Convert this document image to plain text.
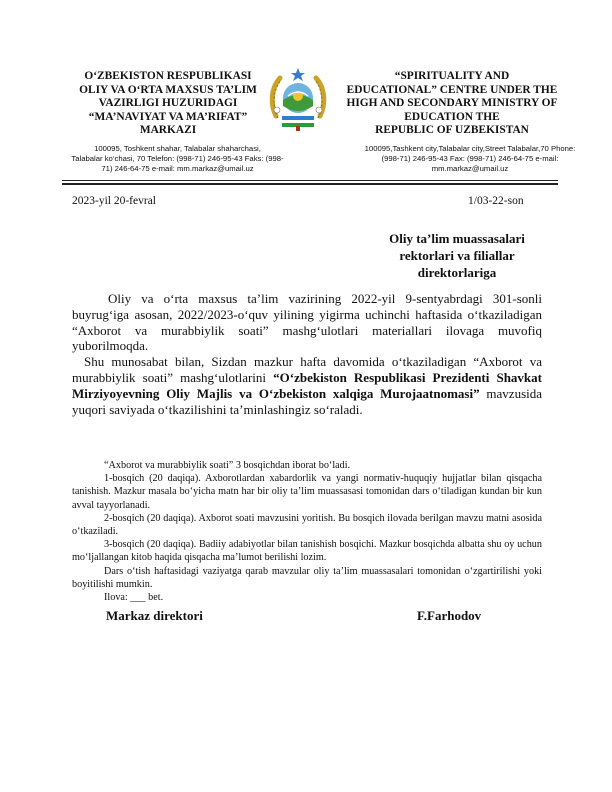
O‘ZBEKISTON RESPUBLIKASI
OLIY VA O‘RTA MAXSUS TA’LIM
VAZIRLIGI HUZURIDAGI
“MA’NAVIYAT VA MA’RIFAT”
MARKAZI
“SPIRITUALITY AND
EDUCATIONAL” CENTRE UNDER THE
HIGH AND SECONDARY MINISTRY OF
EDUCATION THE
REPUBLIC OF UZBEKISTAN
100095, Toshkent shahar, Talabalar shaharchasi,
Talabalar ko‘chasi, 70 Telefon: (998-71) 246-95-43 Faks: (998-
71) 246-64-75 e-mail: mm.markaz@umail.uz
100095,Tashkent city,Talabalar city,Street Talabalar,70 Phone:
(998-71) 246-95-43 Fax: (998-71) 246-64-75 e-mail:
mm.markaz@umail.uz
2023-yil 20-fevral	1/03-22-son
Oliy ta’lim muassasalari
rektorlari va filiallar
direktorlariga

Oliy va o‘rta maxsus ta’lim vazirining 2022-yil 9-sentyabrdagi 301-sonli buyrug‘iga asosan, 2022/2023-o‘quv yilining yigirma uchinchi haftasida o‘tkaziladigan “Axborot va murabbiylik soati” mashg‘ulotlari materiallari ilovaga muvofiq yuborilmoqda.

Shu munosabat bilan, Sizdan mazkur hafta davomida o‘tkaziladigan “Axborot va murabbiylik soati” mashg‘ulotlarini “O‘zbekiston Respublikasi Prezidenti Shavkat Mirziyoyevning Oliy Majlis va O‘zbekiston xalqiga Murojaatnomasi” mavzusida yuqori saviyada o‘tkazilishini ta’minlashingiz so‘raladi.

“Axborot va murabbiylik soati” 3 bosqichdan iborat bo‘ladi.

1-bosqich (20 daqiqa). Axborotlardan xabardorlik va yangi normativ-huquqiy hujjatlar bilan qisqacha tanishish. Mazkur masala bo‘yicha matn har bir oliy ta’lim muassasasi tomonidan dars o‘tiladigan kundan bir kun avval tayyorlanadi.

2-bosqich (20 daqiqa). Axborot soati mavzusini yoritish. Bu bosqich ilovada berilgan mavzu matni asosida o‘tkaziladi.

3-bosqich (20 daqiqa). Badiiy adabiyotlar bilan tanishish bosqichi. Mazkur bosqichda albatta shu oy uchun mo‘ljallangan kitob haqida qisqacha ma’lumot berilishi lozim.

Dars o‘tish haftasidagi vaziyatga qarab mavzular oliy ta’lim muassasalari tomonidan o‘zgartirilishi yoki boyitilishi mumkin.

Ilova: ___ bet.

Markaz direktori	F.Farhodov
